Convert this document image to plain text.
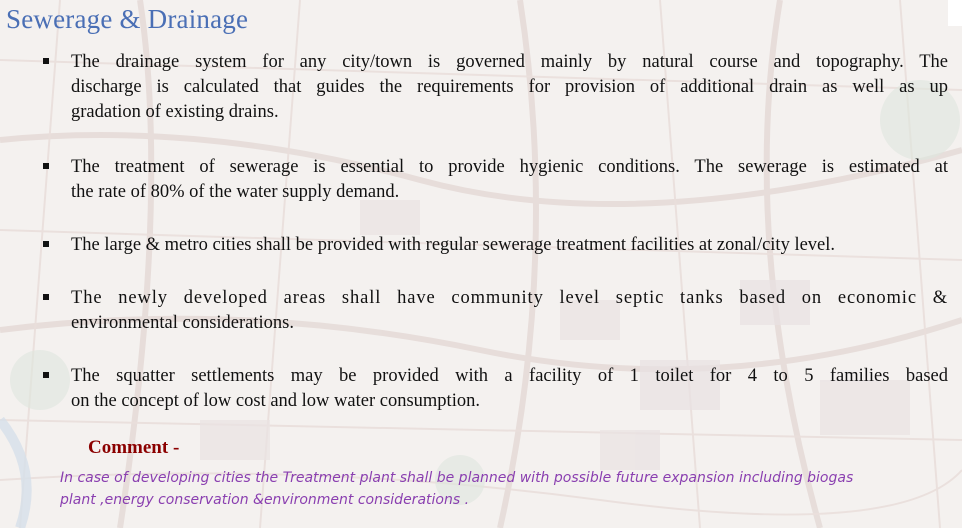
Sewerage & Drainage
The drainage system for any city/town is governed mainly by natural course and topography. The
discharge is calculated that guides the requirements for provision of additional drain as well as up
gradation of existing drains.
The treatment of sewerage is essential to provide hygienic conditions. The sewerage is estimated at
the rate of 80% of the water supply demand.
The large & metro cities shall be provided with regular sewerage treatment facilities at zonal/city level.
The newly developed areas shall have community level septic tanks based on economic &
environmental considerations.
The squatter settlements may be provided with a facility of 1 toilet for 4 to 5 families based
on the concept of low cost and low water consumption.
Comment -
In case of developing cities the Treatment plant shall be planned with possible future expansion including biogas
plant ,energy conservation &environment considerations .
